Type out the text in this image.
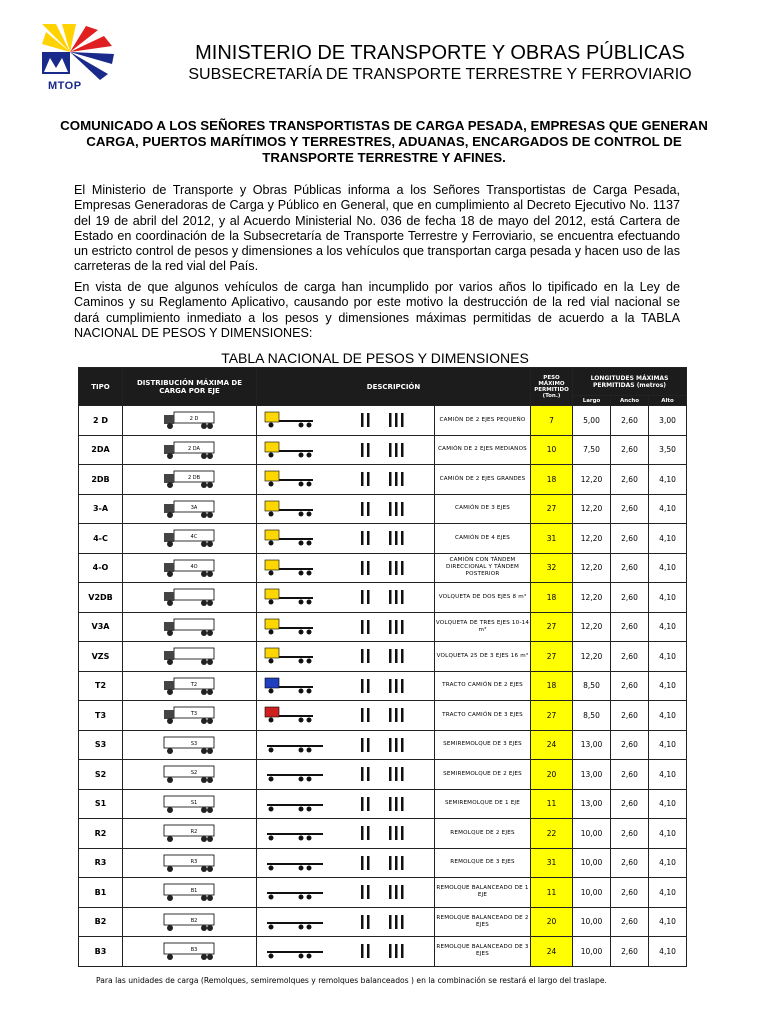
MTOP
MINISTERIO DE TRANSPORTE Y OBRAS PÚBLICAS
SUBSECRETARÍA DE TRANSPORTE TERRESTRE Y FERROVIARIO
COMUNICADO A LOS SEÑORES TRANSPORTISTAS DE CARGA PESADA, EMPRESAS QUE GENERAN CARGA, PUERTOS MARÍTIMOS Y TERRESTRES, ADUANAS, ENCARGADOS DE CONTROL DE TRANSPORTE TERRESTRE Y AFINES.
El Ministerio de Transporte y Obras Públicas informa a los Señores Transportistas de Carga Pesada, Empresas Generadoras de Carga y Público en General, que en cumplimiento al Decreto Ejecutivo No. 1137 del 19 de abril del 2012, y al Acuerdo Ministerial No. 036 de fecha 18 de mayo del 2012, está Cartera de Estado en coordinación de la Subsecretaría de Transporte Terrestre y Ferroviario, se encuentra efectuando un estricto control de pesos y dimensiones a los vehículos que transportan carga pesada y hacen uso de las carreteras de la red vial del País.
En vista de que algunos vehículos de carga han incumplido por varios años lo tipificado en la Ley de Caminos y su Reglamento Aplicativo, causando por este motivo la destrucción de la red vial nacional se dará cumplimiento inmediato a los pesos y dimensiones máximas permitidas de acuerdo a la TABLA NACIONAL DE PESOS Y DIMENSIONES:
TABLA NACIONAL DE PESOS Y DIMENSIONES
TIPO	DISTRIBUCIÓN MÁXIMA DE CARGA POR EJE	DESCRIPCIÓN		PESO MÁXIMO PERMITIDO (Ton.)	LONGITUDES MÁXIMAS PERMITIDAS (metros)		
					Largo	Ancho	Alto
2 D	2 D		CAMIÓN DE 2 EJES PEQUEÑO	7	5,00	2,60	3,00
2DA	2 DA		CAMIÓN DE 2 EJES MEDIANOS	10	7,50	2,60	3,50
2DB	2 DB		CAMIÓN DE 2 EJES GRANDES	18	12,20	2,60	4,10
3-A	3A		CAMIÓN DE 3 EJES	27	12,20	2,60	4,10
4-C	4C		CAMIÓN DE 4 EJES	31	12,20	2,60	4,10
4-O	4O		CAMIÓN CON TÁNDEM DIRECCIONAL Y TÁNDEM POSTERIOR	32	12,20	2,60	4,10
V2DB			VOLQUETA DE DOS EJES 8 m³	18	12,20	2,60	4,10
V3A			VOLQUETA DE TRES EJES 10-14 m³	27	12,20	2,60	4,10
VZS			VOLQUETA 25 DE 3 EJES 16 m³	27	12,20	2,60	4,10
T2	T2		TRACTO CAMIÓN DE 2 EJES	18	8,50	2,60	4,10
T3	T3		TRACTO CAMIÓN DE 3 EJES	27	8,50	2,60	4,10
S3	S3		SEMIREMOLQUE DE 3 EJES	24	13,00	2,60	4,10
S2	S2		SEMIREMOLQUE DE 2 EJES	20	13,00	2,60	4,10
S1	S1		SEMIREMOLQUE DE 1 EJE	11	13,00	2,60	4,10
R2	R2		REMOLQUE DE 2 EJES	22	10,00	2,60	4,10
R3	R3		REMOLQUE DE 3 EJES	31	10,00	2,60	4,10
B1	B1		REMOLQUE BALANCEADO DE 1 EJE	11	10,00	2,60	4,10
B2	B2		REMOLQUE BALANCEADO DE 2 EJES	20	10,00	2,60	4,10
B3	B3		REMOLQUE BALANCEADO DE 3 EJES	24	10,00	2,60	4,10
Para las unidades de carga (Remolques, semiremolques y remolques balanceados ) en la combinación se restará el largo del traslape.
